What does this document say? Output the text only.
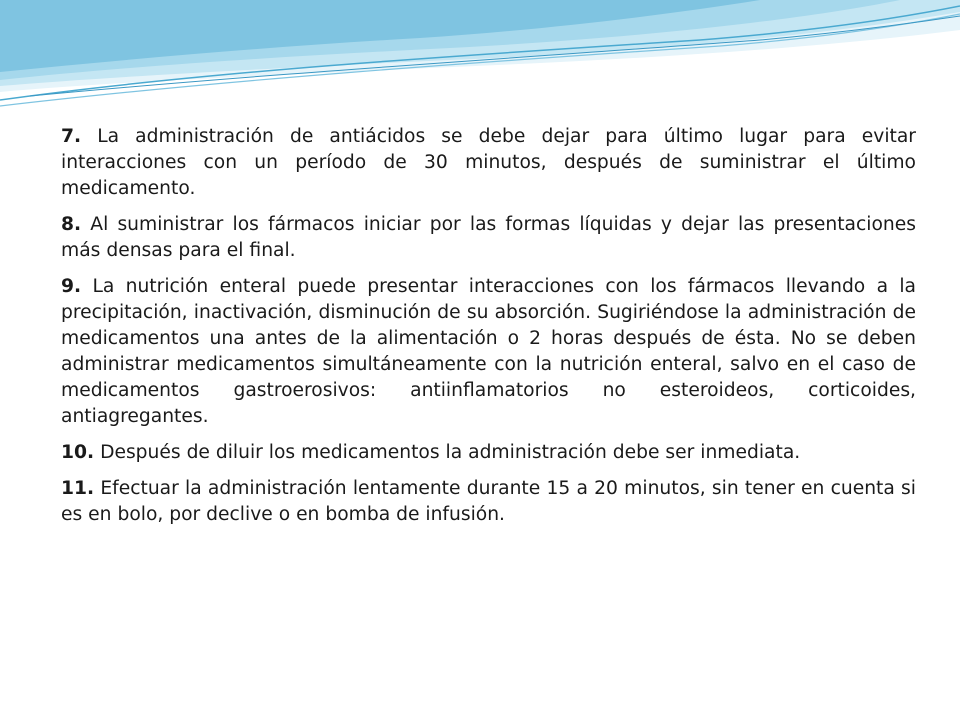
7. La administración de antiácidos se debe dejar para último lugar para evitar interacciones con un período de 30 minutos, después de suministrar el último medicamento.

8. Al suministrar los fármacos iniciar por las formas líquidas y dejar las presentaciones más densas para el final.

9. La nutrición enteral puede presentar interacciones con los fármacos llevando a la precipitación, inactivación, disminución de su absorción. Sugiriéndose la administración de medicamentos una antes de la alimentación o 2 horas después de ésta. No se deben administrar medicamentos simultáneamente con la nutrición enteral, salvo en el caso de medicamentos gastroerosivos: antiinflamatorios no esteroideos, corticoides, antiagregantes.

10. Después de diluir los medicamentos la administración debe ser inmediata.

11. Efectuar la administración lentamente durante 15 a 20 minutos, sin tener en cuenta si es en bolo, por declive o en bomba de infusión.
